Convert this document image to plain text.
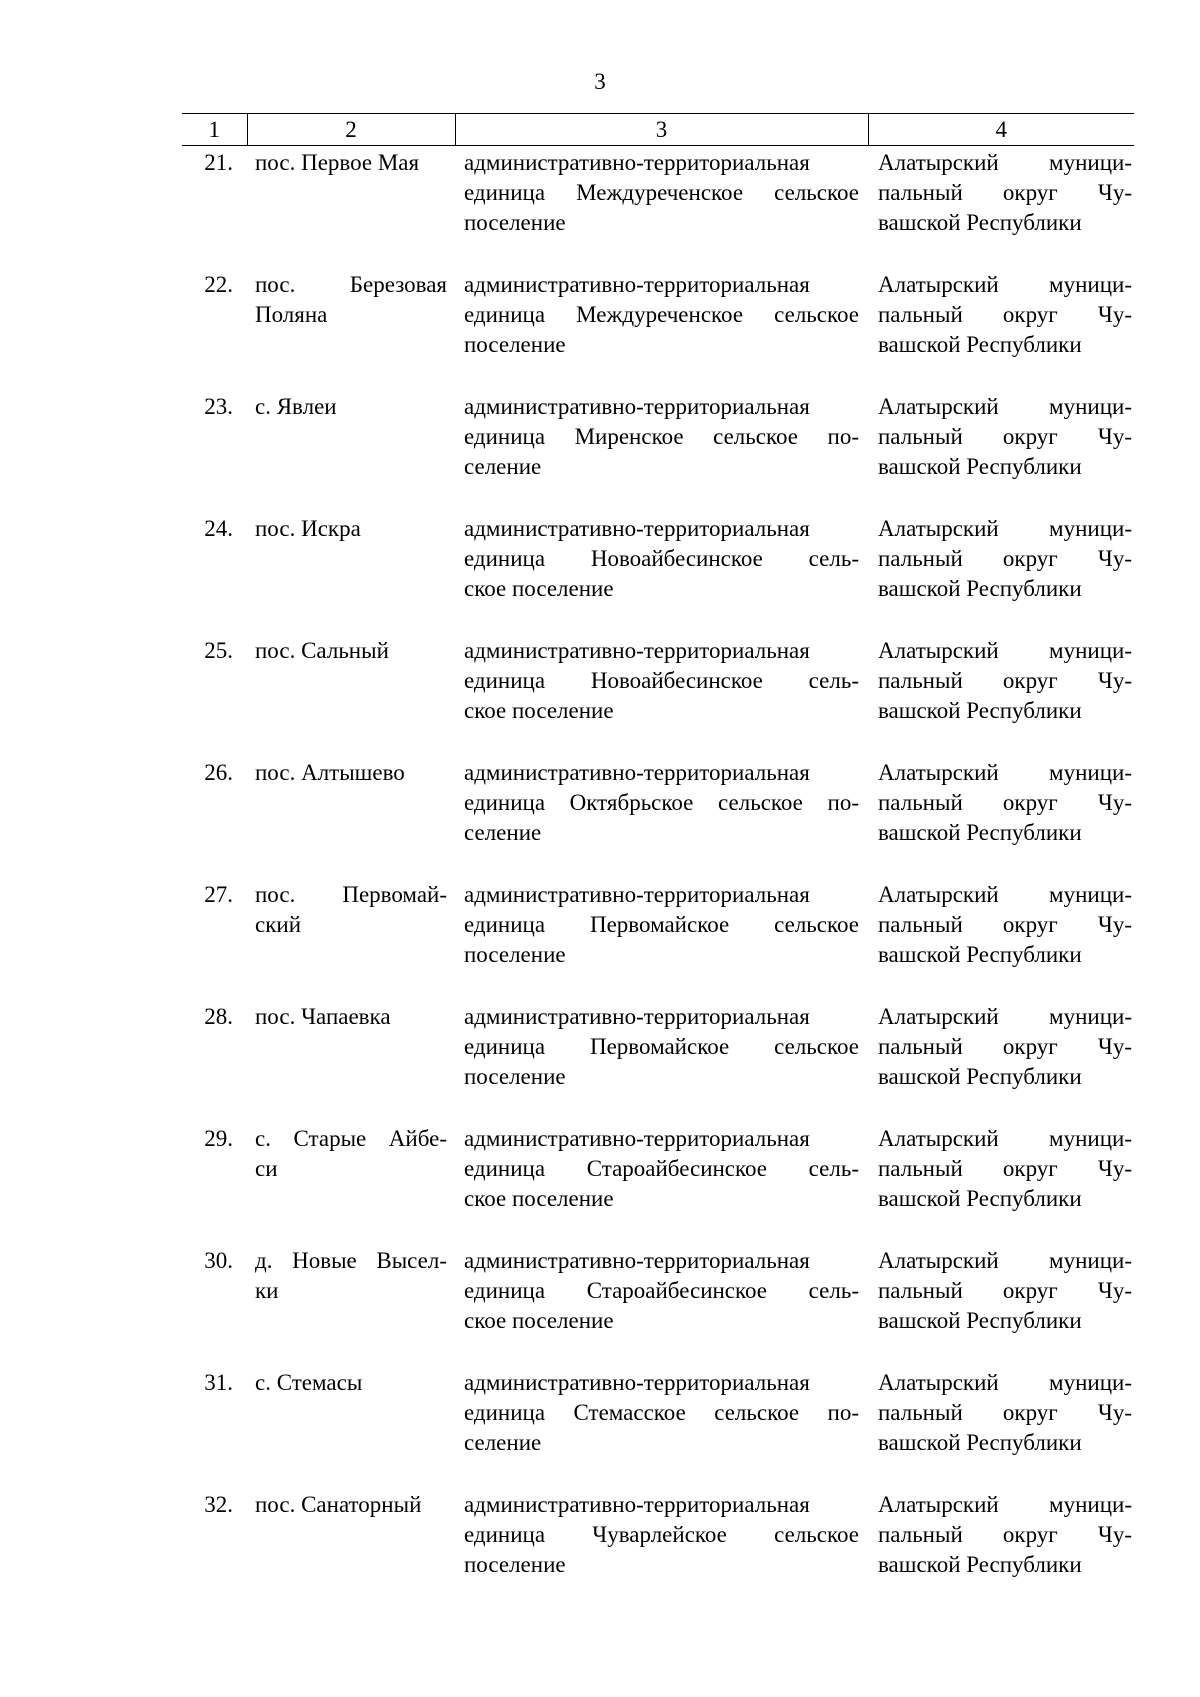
3
1	2	3	4
21.	пос. Первое Мая	административно-территориальная
единица Междуреченское сельское
поселение	Алатырский муници-
пальный округ Чу-
вашской Республики

22.	пос. Березовая
Поляна	административно-территориальная
единица Междуреченское сельское
поселение	Алатырский муници-
пальный округ Чу-
вашской Республики

23.	с. Явлеи	административно-территориальная
единица Миренское сельское по-
селение	Алатырский муници-
пальный округ Чу-
вашской Республики

24.	пос. Искра	административно-территориальная
единица Новоайбесинское сель-
ское поселение	Алатырский муници-
пальный округ Чу-
вашской Республики

25.	пос. Сальный	административно-территориальная
единица Новоайбесинское сель-
ское поселение	Алатырский муници-
пальный округ Чу-
вашской Республики

26.	пос. Алтышево	административно-территориальная
единица Октябрьское сельское по-
селение	Алатырский муници-
пальный округ Чу-
вашской Республики

27.	пос. Первомай-
ский	административно-территориальная
единица Первомайское сельское
поселение	Алатырский муници-
пальный округ Чу-
вашской Республики

28.	пос. Чапаевка	административно-территориальная
единица Первомайское сельское
поселение	Алатырский муници-
пальный округ Чу-
вашской Республики

29.	с. Старые Айбе-
си	административно-территориальная
единица Староайбесинское сель-
ское поселение	Алатырский муници-
пальный округ Чу-
вашской Республики

30.	д. Новые Высел-
ки	административно-территориальная
единица Староайбесинское сель-
ское поселение	Алатырский муници-
пальный округ Чу-
вашской Республики

31.	с. Стемасы	административно-территориальная
единица Стемасское сельское по-
селение	Алатырский муници-
пальный округ Чу-
вашской Республики

32.	пос. Санаторный	административно-территориальная
единица Чуварлейское сельское
поселение	Алатырский муници-
пальный округ Чу-
вашской Республики
